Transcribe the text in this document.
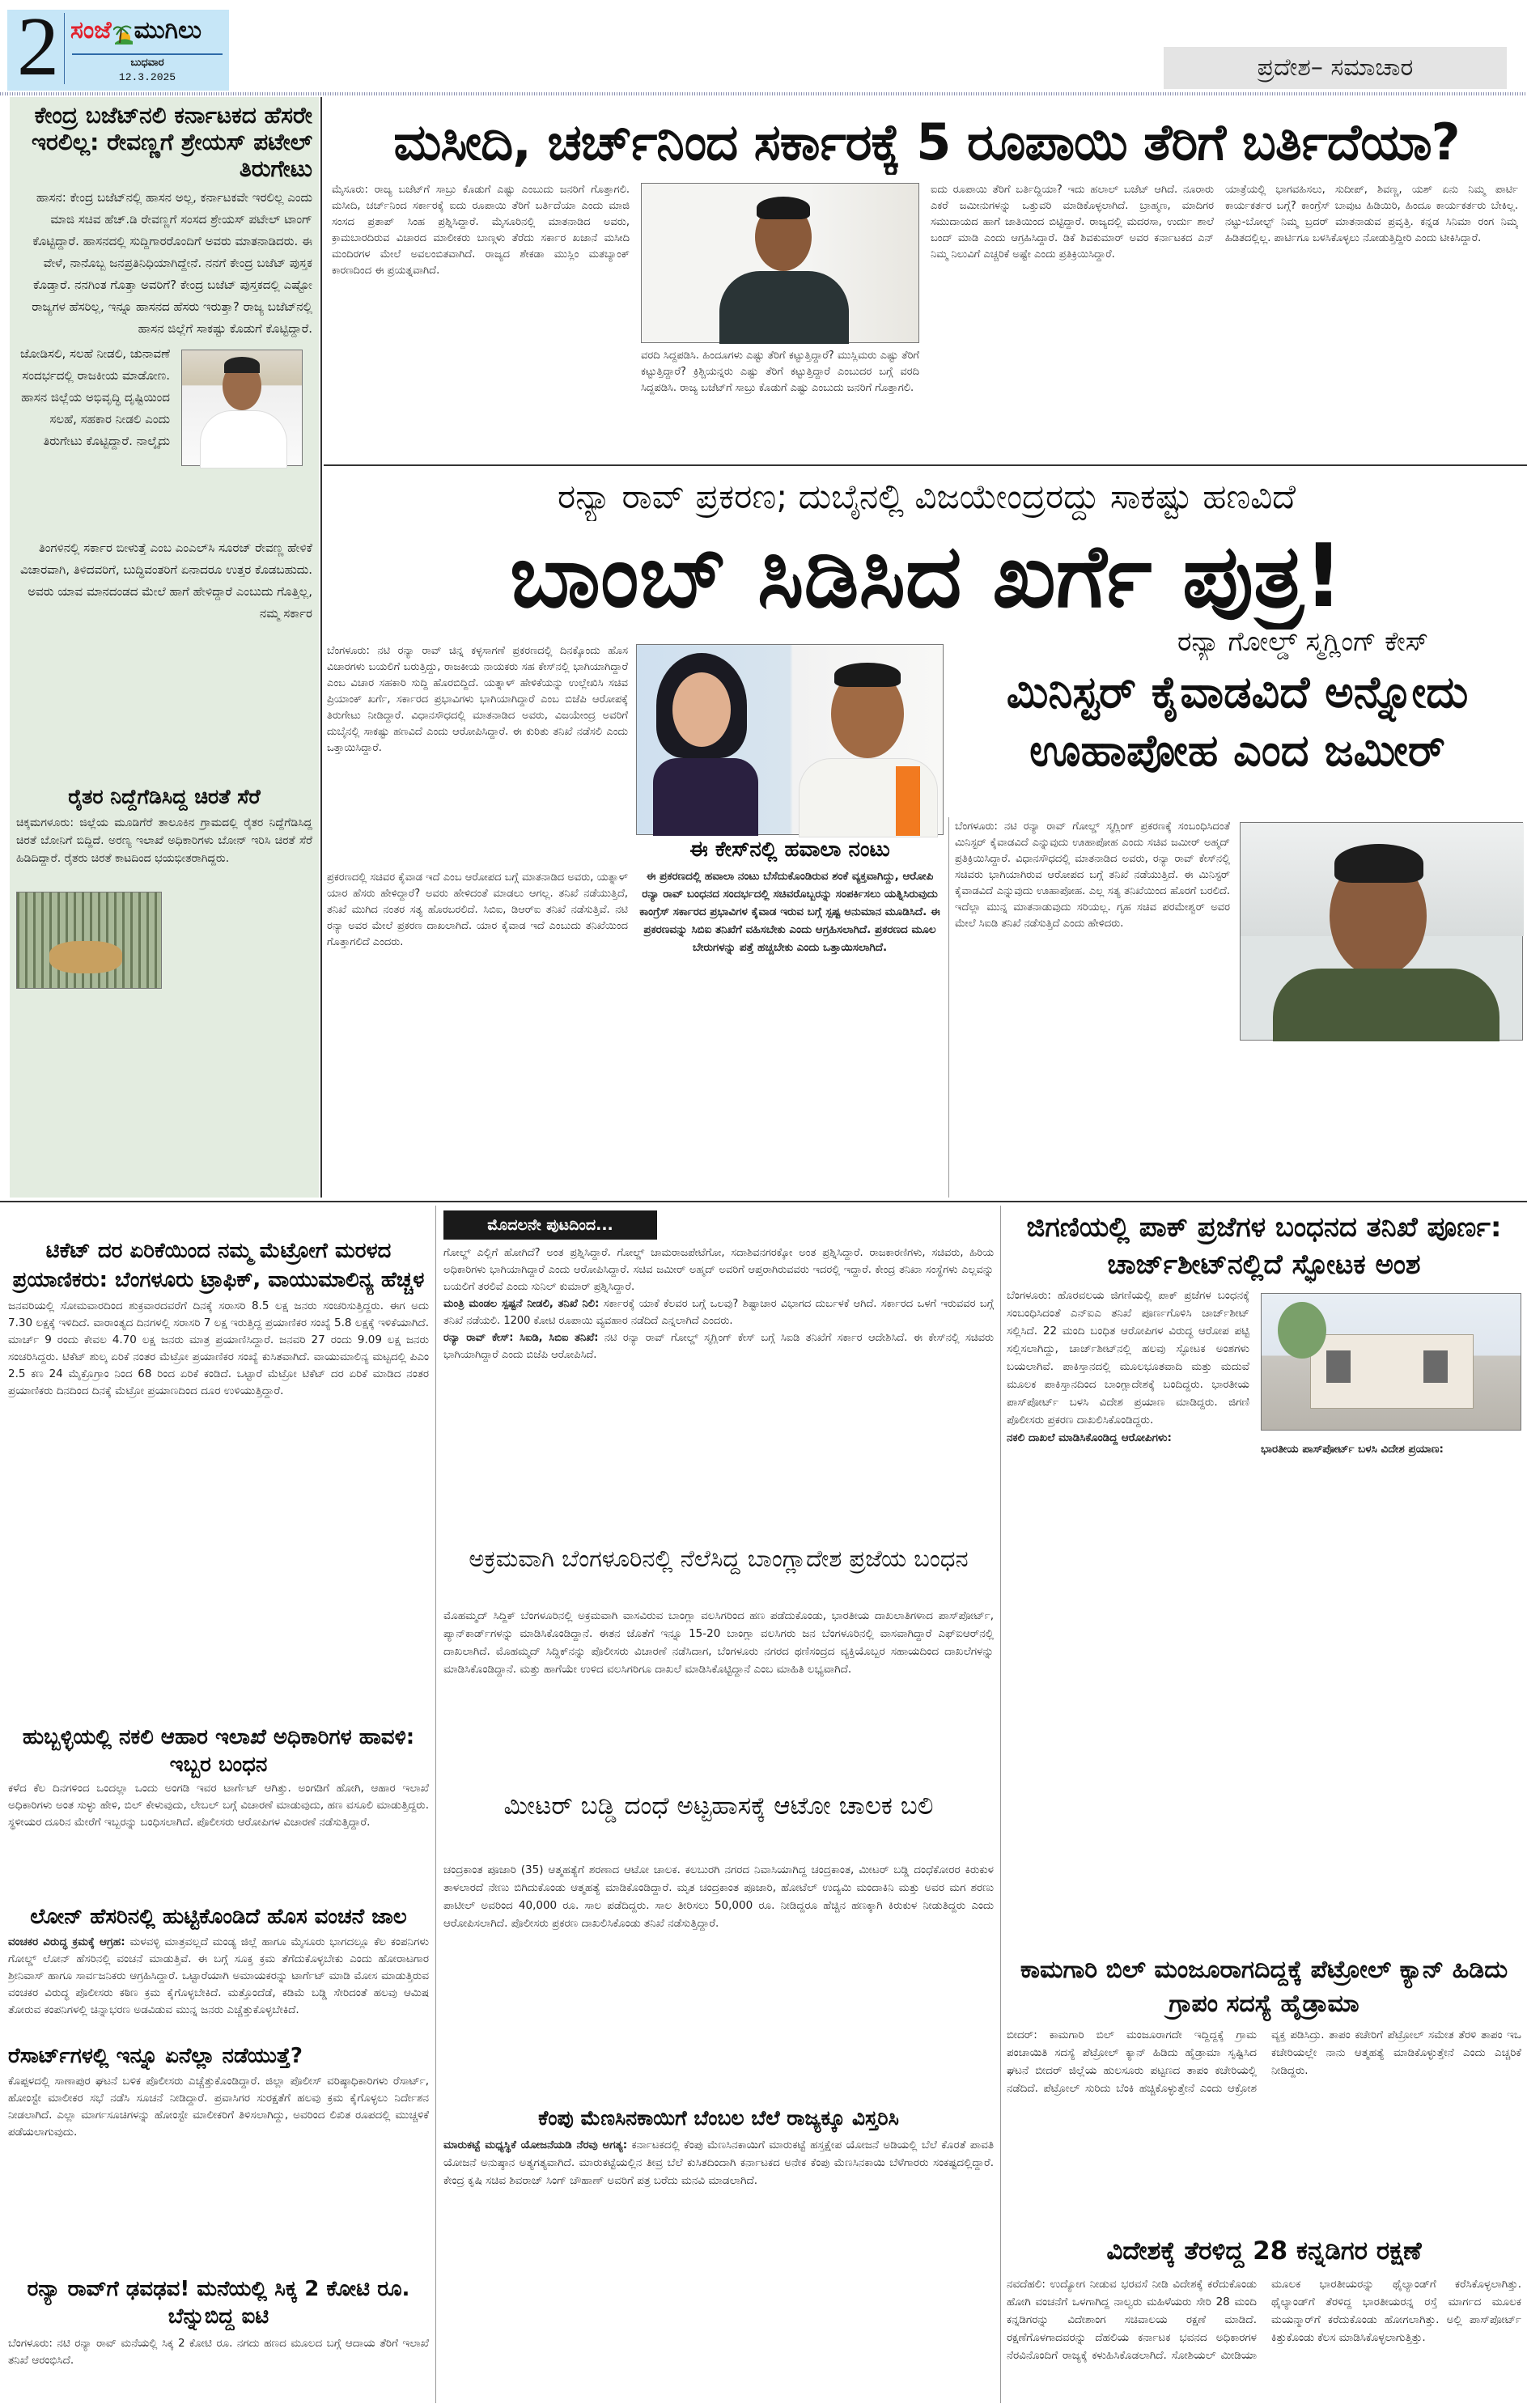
2 ಸಂಜೆ ಮುಗಿಲು
ಬುಧವಾರ
12.3.2025	ಪ್ರದೇಶ– ಸಮಾಚಾರ
ಕೇಂದ್ರ ಬಜೆಟ್‌ನಲಿ ಕರ್ನಾಟಕದ ಹೆಸರೇ ಇರಲಿಲ್ಲ: ರೇವಣ್ಣಗೆ ಶ್ರೇಯಸ್ ಪಟೇಲ್ ತಿರುಗೇಟು
ಹಾಸನ: ಕೇಂದ್ರ ಬಜೆಟ್‌ನಲ್ಲಿ ಹಾಸನ ಅಲ್ಲ, ಕರ್ನಾಟಕವೇ ಇರಲಿಲ್ಲ ಎಂದು ಮಾಜಿ ಸಚಿವ ಹೆಚ್.ಡಿ ರೇವಣ್ಣಗೆ ಸಂಸದ ಶ್ರೇಯಸ್ ಪಟೇಲ್ ಟಾಂಗ್ ಕೊಟ್ಟಿದ್ದಾರೆ. ಹಾಸನದಲ್ಲಿ ಸುದ್ದಿಗಾರರೊಂದಿಗೆ ಅವರು ಮಾತನಾಡಿದರು. ಈ ವೇಳೆ, ನಾನೊಬ್ಬ ಜನಪ್ರತಿನಿಧಿಯಾಗಿದ್ದೇನೆ. ನನಗೆ ಕೇಂದ್ರ ಬಜೆಟ್ ಪುಸ್ತಕ ಕೊಡ್ತಾರೆ. ನನಗಿಂತ ಗೊತ್ತಾ ಅವರಿಗೆ? ಕೇಂದ್ರ ಬಜೆಟ್ ಪುಸ್ತಕದಲ್ಲಿ ಎಷ್ಟೋ ರಾಜ್ಯಗಳ ಹೆಸರಿಲ್ಲ, ಇನ್ನೂ ಹಾಸನದ ಹೆಸರು ಇರುತ್ತಾ? ರಾಜ್ಯ ಬಜೆಟ್‌ನಲ್ಲಿ ಹಾಸನ ಜಿಲ್ಲೆಗೆ ಸಾಕಷ್ಟು ಕೊಡುಗೆ ಕೊಟ್ಟಿದ್ದಾರೆ.
ಜೋಡಿಸಲಿ, ಸಲಹೆ ನೀಡಲಿ, ಚುನಾವಣೆ ಸಂದರ್ಭದಲ್ಲಿ ರಾಜಕೀಯ ಮಾಡೋಣ. ಹಾಸನ ಜಿಲ್ಲೆಯ ಅಭಿವೃದ್ಧಿ ದೃಷ್ಟಿಯಿಂದ ಸಲಹೆ, ಸಹಕಾರ ನೀಡಲಿ ಎಂದು ತಿರುಗೇಟು ಕೊಟ್ಟಿದ್ದಾರೆ. ನಾಲ್ಕೈದು
ತಿಂಗಳಿನಲ್ಲಿ ಸರ್ಕಾರ ಬೀಳುತ್ತೆ ಎಂಬ ಎಂಎಲ್‌ಸಿ ಸೂರಜ್ ರೇವಣ್ಣ ಹೇಳಿಕೆ ವಿಚಾರವಾಗಿ, ತಿಳಿದವರಿಗೆ, ಬುದ್ಧಿವಂತರಿಗೆ ಏನಾದರೂ ಉತ್ತರ ಕೊಡಬಹುದು. ಅವರು ಯಾವ ಮಾನದಂಡದ ಮೇಲೆ ಹಾಗೆ ಹೇಳಿದ್ದಾರೆ ಎಂಬುದು ಗೊತ್ತಿಲ್ಲ, ನಮ್ಮ ಸರ್ಕಾರ
ರೈತರ ನಿದ್ದೆಗೆಡಿಸಿದ್ದ ಚಿರತೆ ಸೆರೆ
ಚಿಕ್ಕಮಗಳೂರು: ಜಿಲ್ಲೆಯ ಮೂಡಿಗೆರೆ ತಾಲೂಕಿನ ಗ್ರಾಮದಲ್ಲಿ ರೈತರ ನಿದ್ದೆಗೆಡಿಸಿದ್ದ ಚಿರತೆ ಬೋನಿಗೆ ಬಿದ್ದಿದೆ. ಅರಣ್ಯ ಇಲಾಖೆ ಅಧಿಕಾರಿಗಳು ಬೋನ್ ಇರಿಸಿ ಚಿರತೆ ಸೆರೆ ಹಿಡಿದಿದ್ದಾರೆ. ರೈತರು ಚಿರತೆ ಕಾಟದಿಂದ ಭಯಭೀತರಾಗಿದ್ದರು.
ಮಸೀದಿ, ಚರ್ಚ್‌ನಿಂದ ಸರ್ಕಾರಕ್ಕೆ 5 ರೂಪಾಯಿ ತೆರಿಗೆ ಬರ್ತಿದೆಯಾ?
ಮೈಸೂರು: ರಾಜ್ಯ ಬಜೆಟ್‌ಗೆ ಸಾಬ್ರು ಕೊಡುಗೆ ಎಷ್ಟು ಎಂಬುದು ಜನರಿಗೆ ಗೊತ್ತಾಗಲಿ. ಮಸೀದಿ, ಚರ್ಚ್‌ನಿಂದ ಸರ್ಕಾರಕ್ಕೆ ಐದು ರೂಪಾಯಿ ತೆರಿಗೆ ಬರ್ತಿದೆಯಾ ಎಂದು ಮಾಜಿ ಸಂಸದ ಪ್ರತಾಪ್ ಸಿಂಹ ಪ್ರಶ್ನಿಸಿದ್ದಾರೆ. ಮೈಸೂರಿನಲ್ಲಿ ಮಾತನಾಡಿದ ಅವರು, ಕ್ರಾಮಬಾರದಿರುವ ವಿಚಾರದ ಮಾಲೀಕರು ಬಾಣ್ಗಳು ತೆರೆದು ಸರ್ಕಾರ ಖಜಾನೆ ಮಸೀದಿ ಮಂದಿರಗಳ ಮೇಲೆ ಅವಲಂಬಿತವಾಗಿದೆ. ರಾಜ್ಯದ ಶೇಕಡಾ ಮುಸ್ಲಿಂ ಮತಬ್ಯಾಂಕ್ ಕಾರಣದಿಂದ ಈ ಪ್ರಯತ್ನವಾಗಿದೆ.
ವರದಿ ಸಿದ್ದಪಡಿಸಿ. ಹಿಂದೂಗಳು ಎಷ್ಟು ತೆರಿಗೆ ಕಟ್ಟುತ್ತಿದ್ದಾರೆ? ಮುಸ್ಲಿಮರು ಎಷ್ಟು ತೆರಿಗೆ ಕಟ್ಟುತ್ತಿದ್ದಾರೆ? ಕ್ರಿಶ್ಚಿಯನ್ನರು ಎಷ್ಟು ತೆರಿಗೆ ಕಟ್ಟುತ್ತಿದ್ದಾರೆ ಎಂಬುದರ ಬಗ್ಗೆ ವರದಿ ಸಿದ್ದಪಡಿಸಿ. ರಾಜ್ಯ ಬಜೆಟ್‌ಗೆ ಸಾಬ್ರು ಕೊಡುಗೆ ಎಷ್ಟು ಎಂಬುದು ಜನರಿಗೆ ಗೊತ್ತಾಗಲಿ.
ಐದು ರೂಪಾಯಿ ತೆರಿಗೆ ಬರ್ತಿದ್ದಿಯಾ? ಇದು ಹಲಾಲ್ ಬಜೆಟ್ ಆಗಿದೆ. ನೂರಾರು ಎಕರೆ ಜಮೀನುಗಳನ್ನು ಒತ್ತುವರಿ ಮಾಡಿಕೊಳ್ಳಲಾಗಿದೆ. ಬ್ರಾಹ್ಮಣ, ಮಾದಿಗರ ಸಮುದಾಯದ ಹಾಗೆ ಜಾತಿಯಿಂದ ಬಿಟ್ಟಿದ್ದಾರೆ. ರಾಜ್ಯದಲ್ಲಿ ಮದರಸಾ, ಉರ್ದು ಶಾಲೆ ಬಂದ್ ಮಾಡಿ ಎಂದು ಆಗ್ರಹಿಸಿದ್ದಾರೆ. ಡಿಕೆ ಶಿವಕುಮಾರ್ ಅವರ ಕರ್ನಾಟಕದ ಎನ್ ನಿಮ್ಮ ನಿಲುವಿಗೆ ಎಚ್ಚರಿಕೆ ಅಷ್ಟೇ ಎಂದು ಪ್ರತಿಕ್ರಿಯಿಸಿದ್ದಾರೆ.
ಯಾತ್ರೆಯಲ್ಲಿ ಭಾಗವಹಿಸಲು, ಸುದೀಪ್, ಶಿವಣ್ಣ, ಯಶ್ ಏನು ನಿಮ್ಮ ಪಾರ್ಟಿ ಕಾರ್ಯಕರ್ತರ ಬಗ್ಗೆ? ಕಾಂಗ್ರೆಸ್ ಬಾವುಟ ಹಿಡಿಯಿರಿ, ಹಿಂದೂ ಕಾರ್ಯಕರ್ತರು ಬೇಕಿಲ್ಲ. ನಟ್ಟು-ಬೋಲ್ಟ್ ನಿಮ್ಮ ಬ್ರದರ್ ಮಾತನಾಡುವ ಪ್ರವೃತ್ತಿ. ಕನ್ನಡ ಸಿನಿಮಾ ರಂಗ ನಿಮ್ಮ ಹಿಡಿತದಲ್ಲಿಲ್ಲ. ಪಾರ್ಟಿಗೂ ಬಳಸಿಕೊಳ್ಳಲು ನೋಡುತ್ತಿದ್ದೀರಿ ಎಂದು ಟೀಕಿಸಿದ್ದಾರೆ.
ರನ್ಯಾ ರಾವ್ ಪ್ರಕರಣ; ದುಬೈನಲ್ಲಿ ವಿಜಯೇಂದ್ರರದ್ದು ಸಾಕಷ್ಟು ಹಣವಿದೆ
ಬಾಂಬ್ ಸಿಡಿಸಿದ ಖರ್ಗೆ ಪುತ್ರ!
ರನ್ಯಾ ಗೋಲ್ಡ್ ಸ್ಮಗ್ಲಿಂಗ್ ಕೇಸ್
ಬೆಂಗಳೂರು: ನಟಿ ರನ್ಯಾ ರಾವ್ ಚಿನ್ನ ಕಳ್ಳಸಾಗಣೆ ಪ್ರಕರಣದಲ್ಲಿ ದಿನಕ್ಕೊಂದು ಹೊಸ ವಿಚಾರಗಳು ಬಯಲಿಗೆ ಬರುತ್ತಿದ್ದು, ರಾಜಕೀಯ ನಾಯಕರು ಸಹ ಕೇಸ್‌ನಲ್ಲಿ ಭಾಗಿಯಾಗಿದ್ದಾರೆ ಎಂಬ ವಿಚಾರ ಸಹಕಾರಿ ಸುದ್ದಿ ಹೊರಬಿದ್ದಿದೆ. ಯತ್ನಾಳ್ ಹೇಳಿಕೆಯನ್ನು ಉಲ್ಲೇಖಿಸಿ ಸಚಿವ ಪ್ರಿಯಾಂಕ್ ಖರ್ಗೆ, ಸರ್ಕಾರದ ಪ್ರಭಾವಿಗಳು ಭಾಗಿಯಾಗಿದ್ದಾರೆ ಎಂಬ ಬಿಜೆಪಿ ಆರೋಪಕ್ಕೆ ತಿರುಗೇಟು ನೀಡಿದ್ದಾರೆ. ವಿಧಾನಸೌಧದಲ್ಲಿ ಮಾತನಾಡಿದ ಅವರು, ವಿಜಯೇಂದ್ರ ಅವರಿಗೆ ದುಬೈನಲ್ಲಿ ಸಾಕಷ್ಟು ಹಣವಿದೆ ಎಂದು ಆರೋಪಿಸಿದ್ದಾರೆ. ಈ ಕುರಿತು ತನಿಖೆ ನಡೆಸಲಿ ಎಂದು ಒತ್ತಾಯಿಸಿದ್ದಾರೆ.
ಈ ಕೇಸ್‌ನಲ್ಲಿ ಹವಾಲಾ ನಂಟು
ಈ ಪ್ರಕರಣದಲ್ಲಿ ಹವಾಲಾ ನಂಟು ಬೆಸೆದುಕೊಂಡಿರುವ ಶಂಕೆ ವ್ಯಕ್ತವಾಗಿದ್ದು, ಆರೋಪಿ ರನ್ಯಾ ರಾವ್ ಬಂಧನದ ಸಂದರ್ಭದಲ್ಲಿ ಸಚಿವರೊಬ್ಬರನ್ನು ಸಂಪರ್ಕಿಸಲು ಯತ್ನಿಸಿರುವುದು ಕಾಂಗ್ರೆಸ್ ಸರ್ಕಾರದ ಪ್ರಭಾವಿಗಳ ಕೈವಾಡ ಇರುವ ಬಗ್ಗೆ ಸ್ಪಷ್ಟ ಅನುಮಾನ ಮೂಡಿಸಿದೆ. ಈ ಪ್ರಕರಣವನ್ನು ಸಿಬಿಐ ತನಿಖೆಗೆ ವಹಿಸಬೇಕು ಎಂದು ಆಗ್ರಹಿಸಲಾಗಿದೆ. ಪ್ರಕರಣದ ಮೂಲ ಬೇರುಗಳನ್ನು ಪತ್ತೆ ಹಚ್ಚಬೇಕು ಎಂದು ಒತ್ತಾಯಿಸಲಾಗಿದೆ.
ಪ್ರಕರಣದಲ್ಲಿ ಸಚಿವರ ಕೈವಾಡ ಇದೆ ಎಂಬ ಆರೋಪದ ಬಗ್ಗೆ ಮಾತನಾಡಿದ ಅವರು, ಯತ್ನಾಳ್ ಯಾರ ಹೆಸರು ಹೇಳಿದ್ದಾರೆ? ಅವರು ಹೇಳಿದಂತೆ ಮಾಡಲು ಆಗಲ್ಲ. ತನಿಖೆ ನಡೆಯುತ್ತಿದೆ, ತನಿಖೆ ಮುಗಿದ ನಂತರ ಸತ್ಯ ಹೊರಬರಲಿದೆ. ಸಿಬಿಐ, ಡಿಆರ್‌ಐ ತನಿಖೆ ನಡೆಸುತ್ತಿವೆ. ನಟಿ ರನ್ಯಾ ಅವರ ಮೇಲೆ ಪ್ರಕರಣ ದಾಖಲಾಗಿದೆ. ಯಾರ ಕೈವಾಡ ಇದೆ ಎಂಬುದು ತನಿಖೆಯಿಂದ ಗೊತ್ತಾಗಲಿದೆ ಎಂದರು.
ಮಿನಿಸ್ಟರ್ ಕೈವಾಡವಿದೆ ಅನ್ನೋದು ಊಹಾಪೋಹ ಎಂದ ಜಮೀರ್
ಬೆಂಗಳೂರು: ನಟಿ ರನ್ಯಾ ರಾವ್ ಗೋಲ್ಡ್ ಸ್ಮಗ್ಲಿಂಗ್ ಪ್ರಕರಣಕ್ಕೆ ಸಂಬಂಧಿಸಿದಂತೆ ಮಿನಿಸ್ಟರ್ ಕೈವಾಡವಿದೆ ಎನ್ನುವುದು ಊಹಾಪೋಹ ಎಂದು ಸಚಿವ ಜಮೀರ್ ಅಹ್ಮದ್ ಪ್ರತಿಕ್ರಿಯಿಸಿದ್ದಾರೆ. ವಿಧಾನಸೌಧದಲ್ಲಿ ಮಾತನಾಡಿದ ಅವರು, ರನ್ಯಾ ರಾವ್ ಕೇಸ್‌ನಲ್ಲಿ ಸಚಿವರು ಭಾಗಿಯಾಗಿರುವ ಆರೋಪದ ಬಗ್ಗೆ ತನಿಖೆ ನಡೆಯುತ್ತಿದೆ. ಈ ಮಿನಿಸ್ಟರ್ ಕೈವಾಡವಿದೆ ಎನ್ನುವುದು ಊಹಾಪೋಹ. ಎಲ್ಲ ಸತ್ಯ ತನಿಖೆಯಿಂದ ಹೊರಗೆ ಬರಲಿದೆ. ಇದೆಲ್ಲಾ ಮುನ್ನ ಮಾತನಾಡುವುದು ಸರಿಯಲ್ಲ. ಗೃಹ ಸಚಿವ ಪರಮೇಶ್ವರ್ ಅವರ ಮೇಲೆ ಸಿಐಡಿ ತನಿಖೆ ನಡೆಸುತ್ತಿದೆ ಎಂದು ಹೇಳಿದರು.
ಟಿಕೆಟ್ ದರ ಏರಿಕೆಯಿಂದ ನಮ್ಮ ಮೆಟ್ರೋಗೆ ಮರಳದ ಪ್ರಯಾಣಿಕರು: ಬೆಂಗಳೂರು ಟ್ರಾಫಿಕ್, ವಾಯುಮಾಲಿನ್ಯ ಹೆಚ್ಚಳ
ಜನವರಿಯಲ್ಲಿ ಸೋಮವಾರದಿಂದ ಶುಕ್ರವಾರದವರೆಗೆ ದಿನಕ್ಕೆ ಸರಾಸರಿ 8.5 ಲಕ್ಷ ಜನರು ಸಂಚರಿಸುತ್ತಿದ್ದರು. ಈಗ ಅದು 7.30 ಲಕ್ಷಕ್ಕೆ ಇಳಿದಿದೆ. ವಾರಾಂತ್ಯದ ದಿನಗಳಲ್ಲಿ ಸರಾಸರಿ 7 ಲಕ್ಷ ಇರುತ್ತಿದ್ದ ಪ್ರಯಾಣಿಕರ ಸಂಖ್ಯೆ 5.8 ಲಕ್ಷಕ್ಕೆ ಇಳಿಕೆಯಾಗಿದೆ. ಮಾರ್ಚ್ 9 ರಂದು ಕೇವಲ 4.70 ಲಕ್ಷ ಜನರು ಮಾತ್ರ ಪ್ರಯಾಣಿಸಿದ್ದಾರೆ. ಜನವರಿ 27 ರಂದು 9.09 ಲಕ್ಷ ಜನರು ಸಂಚರಿಸಿದ್ದರು. ಟಿಕೆಟ್ ಶುಲ್ಕ ಏರಿಕೆ ನಂತರ ಮೆಟ್ರೋ ಪ್ರಯಾಣಿಕರ ಸಂಖ್ಯೆ ಕುಸಿತವಾಗಿದೆ. ವಾಯುಮಾಲಿನ್ಯ ಮಟ್ಟದಲ್ಲಿ ಪಿಎಂ 2.5 ಕಣ 24 ಮೈಕ್ರೊಗ್ರಾಂ ನಿಂದ 68 ರಿಂದ ಏರಿಕೆ ಕಂಡಿದೆ. ಒಟ್ಟಾರೆ ಮೆಟ್ರೋ ಟಿಕೆಟ್ ದರ ಏರಿಕೆ ಮಾಡಿದ ನಂತರ ಪ್ರಯಾಣಿಕರು ದಿನದಿಂದ ದಿನಕ್ಕೆ ಮೆಟ್ರೋ ಪ್ರಯಾಣದಿಂದ ದೂರ ಉಳಿಯುತ್ತಿದ್ದಾರೆ.
ಹುಬ್ಬಳ್ಳಿಯಲ್ಲಿ ನಕಲಿ ಆಹಾರ ಇಲಾಖೆ ಅಧಿಕಾರಿಗಳ ಹಾವಳಿ: ಇಬ್ಬರ ಬಂಧನ
ಕಳೆದ ಕೆಲ ದಿನಗಳಿಂದ ಒಂದಲ್ಲಾ ಒಂದು ಅಂಗಡಿ ಇವರ ಟಾರ್ಗೆಟ್ ಆಗಿತ್ತು. ಅಂಗಡಿಗೆ ಹೋಗಿ, ಆಹಾರ ಇಲಾಖೆ ಅಧಿಕಾರಿಗಳು ಅಂತ ಸುಳ್ಳು ಹೇಳಿ, ಬಿಲ್ ಕೇಳುವುದು, ಲೇಬಲ್ ಬಗ್ಗೆ ವಿಚಾರಣೆ ಮಾಡುವುದು, ಹಣ ವಸೂಲಿ ಮಾಡುತ್ತಿದ್ದರು. ಸ್ಥಳೀಯರ ದೂರಿನ ಮೇರೆಗೆ ಇಬ್ಬರನ್ನು ಬಂಧಿಸಲಾಗಿದೆ. ಪೊಲೀಸರು ಆರೋಪಿಗಳ ವಿಚಾರಣೆ ನಡೆಸುತ್ತಿದ್ದಾರೆ.
ಲೋನ್ ಹೆಸರಿನಲ್ಲಿ ಹುಟ್ಟಿಕೊಂಡಿದೆ ಹೊಸ ವಂಚನೆ ಜಾಲ
ವಂಚಕರ ವಿರುದ್ಧ ಕ್ರಮಕ್ಕೆ ಆಗ್ರಹ: ಮಳವಳ್ಳಿ ಮಾತ್ರವಲ್ಲದೆ ಮಂಡ್ಯ ಜಿಲ್ಲೆ ಹಾಗೂ ಮೈಸೂರು ಭಾಗದಲ್ಲೂ ಕೆಲ ಕಂಪನಿಗಳು ಗೋಲ್ಡ್ ಲೋನ್ ಹೆಸರಿನಲ್ಲಿ ವಂಚನೆ ಮಾಡುತ್ತಿವೆ. ಈ ಬಗ್ಗೆ ಸೂಕ್ತ ಕ್ರಮ ತೆಗೆದುಕೊಳ್ಳಬೇಕು ಎಂದು ಹೋರಾಟಗಾರ ಶ್ರೀನಿವಾಸ್ ಹಾಗೂ ಸಾರ್ವಜನಿಕರು ಆಗ್ರಹಿಸಿದ್ದಾರೆ. ಒಟ್ಟಾರೆಯಾಗಿ ಅಮಾಯಕರನ್ನು ಟಾರ್ಗೆಟ್ ಮಾಡಿ ಮೋಸ ಮಾಡುತ್ತಿರುವ ವಂಚಕರ ವಿರುದ್ಧ ಪೊಲೀಸರು ಕಠಿಣ ಕ್ರಮ ಕೈಗೊಳ್ಳಬೇಕಿದೆ. ಮತ್ತೊಂದೆಡೆ, ಕಡಿಮೆ ಬಡ್ಡಿ ಸೇರಿದಂತೆ ಹಲವು ಆಮಿಷ ತೋರುವ ಕಂಪನಿಗಳಲ್ಲಿ ಚಿನ್ನಾಭರಣ ಅಡವಿಡುವ ಮುನ್ನ ಜನರು ಎಚ್ಚೆತ್ತುಕೊಳ್ಳಬೇಕಿದೆ.
ರೆಸಾರ್ಟ್‌ಗಳಲ್ಲಿ ಇನ್ನೂ ಏನೆಲ್ಲಾ ನಡೆಯುತ್ತೆ?
ಕೊಪ್ಪಳದಲ್ಲಿ ಸಾಣಾಪುರ ಘಟನೆ ಬಳಿಕ ಪೊಲೀಸರು ಎಚ್ಚೆತ್ತುಕೊಂಡಿದ್ದಾರೆ. ಜಿಲ್ಲಾ ಪೊಲೀಸ್ ವರಿಷ್ಠಾಧಿಕಾರಿಗಳು ರೆಸಾರ್ಟ್, ಹೋಂಸ್ಟೇ ಮಾಲೀಕರ ಸಭೆ ನಡೆಸಿ ಸೂಚನೆ ನೀಡಿದ್ದಾರೆ. ಪ್ರವಾಸಿಗರ ಸುರಕ್ಷತೆಗೆ ಹಲವು ಕ್ರಮ ಕೈಗೊಳ್ಳಲು ನಿರ್ದೇಶನ ನೀಡಲಾಗಿದೆ. ಎಲ್ಲಾ ಮಾರ್ಗಸೂಚಿಗಳನ್ನು ಹೋಂಸ್ಟೇ ಮಾಲೀಕರಿಗೆ ತಿಳಿಸಲಾಗಿದ್ದು, ಅವರಿಂದ ಲಿಖಿತ ರೂಪದಲ್ಲಿ ಮುಚ್ಚಳಿಕೆ ಪಡೆಯಲಾಗುವುದು.
ರನ್ಯಾ ರಾವ್‌ಗೆ ಢವಢವ! ಮನೆಯಲ್ಲಿ ಸಿಕ್ಕ 2 ಕೋಟಿ ರೂ. ಬೆನ್ನುಬಿದ್ದ ಐಟಿ
ಬೆಂಗಳೂರು: ನಟಿ ರನ್ಯಾ ರಾವ್ ಮನೆಯಲ್ಲಿ ಸಿಕ್ಕ 2 ಕೋಟಿ ರೂ. ನಗದು ಹಣದ ಮೂಲದ ಬಗ್ಗೆ ಆದಾಯ ತೆರಿಗೆ ಇಲಾಖೆ ತನಿಖೆ ಆರಂಭಿಸಿದೆ.
ಮೊದಲನೇ ಪುಟದಿಂದ...
ಗೋಲ್ಡ್ ಎಲ್ಲಿಗೆ ಹೋಗಿದೆ? ಅಂತ ಪ್ರಶ್ನಿಸಿದ್ದಾರೆ. ಗೋಲ್ಡ್ ಚಾಮರಾಜಪೇಟೆಗೋ, ಸದಾಶಿವನಗರಕ್ಕೋ ಅಂತ ಪ್ರಶ್ನಿಸಿದ್ದಾರೆ. ರಾಜಕಾರಣಿಗಳು, ಸಚಿವರು, ಹಿರಿಯ ಅಧಿಕಾರಿಗಳು ಭಾಗಿಯಾಗಿದ್ದಾರೆ ಎಂದು ಆರೋಪಿಸಿದ್ದಾರೆ. ಸಚಿವ ಜಮೀರ್ ಅಹ್ಮದ್ ಅವರಿಗೆ ಆಪ್ತರಾಗಿರುವವರು ಇದರಲ್ಲಿ ಇದ್ದಾರೆ. ಕೇಂದ್ರ ತನಿಖಾ ಸಂಸ್ಥೆಗಳು ಎಲ್ಲವನ್ನು ಬಯಲಿಗೆ ತರಲಿವೆ ಎಂದು ಸುನಿಲ್ ಕುಮಾರ್ ಪ್ರಶ್ನಿಸಿದ್ದಾರೆ.
ಮಂತ್ರಿ ಮಂಡಲ ಸ್ಪಷ್ಟನೆ ನೀಡಲಿ, ತನಿಖೆ ನಿಲಿ: ಸರ್ಕಾರಕ್ಕೆ ಯಾಕೆ ಕೆಲವರ ಬಗ್ಗೆ ಒಲವು? ಶಿಷ್ಟಾಚಾರ ವಿಭಾಗದ ದುರ್ಬಳಕೆ ಆಗಿದೆ. ಸರ್ಕಾರದ ಒಳಗೆ ಇರುವವರ ಬಗ್ಗೆ ತನಿಖೆ ನಡೆಯಲಿ. 1200 ಕೋಟಿ ರೂಪಾಯಿ ವ್ಯವಹಾರ ನಡೆದಿದೆ ಎನ್ನಲಾಗಿದೆ ಎಂದರು.
ರನ್ಯಾ ರಾವ್ ಕೇಸ್: ಸಿಐಡಿ, ಸಿಬಿಐ ತನಿಖೆ: ನಟಿ ರನ್ಯಾ ರಾವ್ ಗೋಲ್ಡ್ ಸ್ಮಗ್ಲಿಂಗ್ ಕೇಸ್ ಬಗ್ಗೆ ಸಿಐಡಿ ತನಿಖೆಗೆ ಸರ್ಕಾರ ಆದೇಶಿಸಿದೆ. ಈ ಕೇಸ್‌ನಲ್ಲಿ ಸಚಿವರು ಭಾಗಿಯಾಗಿದ್ದಾರೆ ಎಂದು ಬಿಜೆಪಿ ಆರೋಪಿಸಿದೆ.
ಅಕ್ರಮವಾಗಿ ಬೆಂಗಳೂರಿನಲ್ಲಿ ನೆಲೆಸಿದ್ದ ಬಾಂಗ್ಲಾದೇಶ ಪ್ರಜೆಯ ಬಂಧನ
ಮೊಹಮ್ಮದ್ ಸಿದ್ದಿಕ್ ಬೆಂಗಳೂರಿನಲ್ಲಿ ಅಕ್ರಮವಾಗಿ ವಾಸವಿರುವ ಬಾಂಗ್ಲಾ ವಲಸಿಗರಿಂದ ಹಣ ಪಡೆದುಕೊಂಡು, ಭಾರತೀಯ ದಾಖಲಾತಿಗಳಾದ ಪಾಸ್‌ಪೋರ್ಟ್, ಪ್ಯಾನ್‌ಕಾರ್ಡ್‌ಗಳನ್ನು ಮಾಡಿಸಿಕೊಂಡಿದ್ದಾನೆ. ಈತನ ಜೊತೆಗೆ ಇನ್ನೂ 15-20 ಬಾಂಗ್ಲಾ ವಲಸಿಗರು ಜನ ಬೆಂಗಳೂರಿನಲ್ಲಿ ವಾಸವಾಗಿದ್ದಾರೆ ಎಫ್‌ಐಆರ್‌ನಲ್ಲಿ ದಾಖಲಾಗಿದೆ. ಮೊಹಮ್ಮದ್ ಸಿದ್ದಿಕ್‌ನನ್ನು ಪೊಲೀಸರು ವಿಚಾರಣೆ ನಡೆಸಿದಾಗ, ಬೆಂಗಳೂರು ನಗರದ ಥಣಿಸಂದ್ರದ ವ್ಯಕ್ತಿಯೊಬ್ಬರ ಸಹಾಯದಿಂದ ದಾಖಲೆಗಳನ್ನು ಮಾಡಿಸಿಕೊಂಡಿದ್ದಾನೆ. ಮತ್ತು ಹಾಗೆಯೇ ಉಳಿದ ವಲಸಿಗರಿಗೂ ದಾಖಲೆ ಮಾಡಿಸಿಕೊಟ್ಟಿದ್ದಾನೆ ಎಂಬ ಮಾಹಿತಿ ಲಭ್ಯವಾಗಿದೆ.
ಮೀಟರ್ ಬಡ್ಡಿ ದಂಧೆ ಅಟ್ಟಹಾಸಕ್ಕೆ ಆಟೋ ಚಾಲಕ ಬಲಿ
ಚಂದ್ರಕಾಂತ ಪೂಜಾರಿ (35) ಆತ್ಮಹತ್ಯೆಗೆ ಶರಣಾದ ಆಟೋ ಚಾಲಕ. ಕಲಬುರಗಿ ನಗರದ ನಿವಾಸಿಯಾಗಿದ್ದ ಚಂದ್ರಕಾಂತ, ಮೀಟರ್ ಬಡ್ಡಿ ದಂಧೆಕೋರರ ಕಿರುಕುಳ ತಾಳಲಾರದೆ ನೇಣು ಬಿಗಿದುಕೊಂಡು ಆತ್ಮಹತ್ಯೆ ಮಾಡಿಕೊಂಡಿದ್ದಾರೆ. ಮೃತ ಚಂದ್ರಕಾಂತ ಪೂಜಾರಿ, ಹೋಟೆಲ್ ಉದ್ಯಮಿ ಮಂದಾಕಿನಿ ಮತ್ತು ಅವರ ಮಗ ಶರಣು ಪಾಟೀಲ್ ಅವರಿಂದ 40,000 ರೂ. ಸಾಲ ಪಡೆದಿದ್ದರು. ಸಾಲ ತೀರಿಸಲು 50,000 ರೂ. ನೀಡಿದ್ದರೂ ಹೆಚ್ಚಿನ ಹಣಕ್ಕಾಗಿ ಕಿರುಕುಳ ನೀಡುತಿದ್ದರು ಎಂದು ಆರೋಪಿಸಲಾಗಿದೆ. ಪೊಲೀಸರು ಪ್ರಕರಣ ದಾಖಲಿಸಿಕೊಂಡು ತನಿಖೆ ನಡೆಸುತ್ತಿದ್ದಾರೆ.
ಕೆಂಪು ಮೆಣಸಿನಕಾಯಿಗೆ ಬೆಂಬಲ ಬೆಲೆ ರಾಜ್ಯಕ್ಕೂ ವಿಸ್ತರಿಸಿ
ಮಾರುಕಟ್ಟೆ ಮಧ್ಯಸ್ಥಿಕೆ ಯೋಜನೆಯಡಿ ನೆರವು ಅಗತ್ಯ: ಕರ್ನಾಟಕದಲ್ಲಿ ಕೆಂಪು ಮೆಣಸಿನಕಾಯಿಗೆ ಮಾರುಕಟ್ಟೆ ಹಸ್ತಕ್ಷೇಪ ಯೋಜನೆ ಅಡಿಯಲ್ಲಿ ಬೆಲೆ ಕೊರತೆ ಪಾವತಿ ಯೋಜನೆ ಅನುಷ್ಠಾನ ಅತ್ಯಗತ್ಯವಾಗಿದೆ. ಮಾರುಕಟ್ಟೆಯಲ್ಲಿನ ತೀವ್ರ ಬೆಲೆ ಕುಸಿತದಿಂದಾಗಿ ಕರ್ನಾಟಕದ ಅನೇಕ ಕೆಂಪು ಮೆಣಸಿನಕಾಯಿ ಬೆಳೆಗಾರರು ಸಂಕಷ್ಟದಲ್ಲಿದ್ದಾರೆ. ಕೇಂದ್ರ ಕೃಷಿ ಸಚಿವ ಶಿವರಾಜ್ ಸಿಂಗ್ ಚೌಹಾಣ್ ಅವರಿಗೆ ಪತ್ರ ಬರೆದು ಮನವಿ ಮಾಡಲಾಗಿದೆ.
ಜಿಗಣಿಯಲ್ಲಿ ಪಾಕ್ ಪ್ರಜೆಗಳ ಬಂಧನದ ತನಿಖೆ ಪೂರ್ಣ: ಚಾರ್ಜ್‌ಶೀಟ್‌ನಲ್ಲಿದೆ ಸ್ಫೋಟಕ ಅಂಶ
ಬೆಂಗಳೂರು: ಹೊರವಲಯ ಜಿಗಣಿಯಲ್ಲಿ ಪಾಕ್ ಪ್ರಜೆಗಳ ಬಂಧನಕ್ಕೆ ಸಂಬಂಧಿಸಿದಂತೆ ಎನ್‌ಐಎ ತನಿಖೆ ಪೂರ್ಣಗೊಳಿಸಿ ಚಾರ್ಜ್‌ಶೀಟ್ ಸಲ್ಲಿಸಿದೆ. 22 ಮಂದಿ ಬಂಧಿತ ಆರೋಪಿಗಳ ವಿರುದ್ಧ ಆರೋಪ ಪಟ್ಟಿ ಸಲ್ಲಿಸಲಾಗಿದ್ದು, ಚಾರ್ಜ್‌ಶೀಟ್‌ನಲ್ಲಿ ಹಲವು ಸ್ಫೋಟಕ ಅಂಶಗಳು ಬಯಲಾಗಿವೆ. ಪಾಕಿಸ್ತಾನದಲ್ಲಿ ಮೂಲಭೂತವಾದಿ ಮತ್ತು ಮದುವೆ ಮೂಲಕ ಪಾಕಿಸ್ತಾನದಿಂದ ಬಾಂಗ್ಲಾದೇಶಕ್ಕೆ ಬಂದಿದ್ದರು. ಭಾರತೀಯ ಪಾಸ್‌ಪೋರ್ಟ್ ಬಳಸಿ ವಿದೇಶ ಪ್ರಯಾಣ ಮಾಡಿದ್ದರು. ಜಿಗಣಿ ಪೊಲೀಸರು ಪ್ರಕರಣ ದಾಖಲಿಸಿಕೊಂಡಿದ್ದರು.
ನಕಲಿ ದಾಖಲೆ ಮಾಡಿಸಿಕೊಂಡಿದ್ದ ಆರೋಪಿಗಳು:
ಭಾರತೀಯ ಪಾಸ್‌ಪೋರ್ಟ್ ಬಳಸಿ ವಿದೇಶ ಪ್ರಯಾಣ:
ಕಾಮಗಾರಿ ಬಿಲ್ ಮಂಜೂರಾಗದಿದ್ದಕ್ಕೆ ಪೆಟ್ರೋಲ್ ಕ್ಯಾನ್ ಹಿಡಿದು ಗ್ರಾಪಂ ಸದಸ್ಯೆ ಹೈಡ್ರಾಮಾ
ಬೀದರ್: ಕಾಮಗಾರಿ ಬಿಲ್ ಮಂಜೂರಾಗದೇ ಇದ್ದಿದ್ದಕ್ಕೆ ಗ್ರಾಮ ಪಂಚಾಯಿತಿ ಸದಸ್ಯೆ ಪೆಟ್ರೋಲ್ ಕ್ಯಾನ್ ಹಿಡಿದು ಹೈಡ್ರಾಮಾ ಸೃಷ್ಟಿಸಿದ ಘಟನೆ ಬೀದರ್ ಜಿಲ್ಲೆಯ ಹುಲಸೂರು ಪಟ್ಟಣದ ತಾಪಂ ಕಚೇರಿಯಲ್ಲಿ ನಡೆದಿದೆ. ಪೆಟ್ರೋಲ್ ಸುರಿದು ಬೆಂಕಿ ಹಚ್ಚಿಕೊಳ್ಳುತ್ತೇನೆ ಎಂದು ಆಕ್ರೋಶ ವ್ಯಕ್ತ ಪಡಿಸಿದ್ರು. ತಾಪಂ ಕಚೇರಿಗೆ ಪೆಟ್ರೋಲ್ ಸಮೇತ ತೆರಳಿ ತಾಪಂ ಇಒ ಕಚೇರಿಯಲ್ಲೇ ನಾನು ಆತ್ಮಹತ್ಯೆ ಮಾಡಿಕೊಳ್ಳುತ್ತೇನೆ ಎಂದು ಎಚ್ಚರಿಕೆ ನೀಡಿದ್ದರು.
ವಿದೇಶಕ್ಕೆ ತೆರಳಿದ್ದ 28 ಕನ್ನಡಿಗರ ರಕ್ಷಣೆ
ನವದೆಹಲಿ: ಉದ್ಯೋಗ ನೀಡುವ ಭರವಸೆ ನೀಡಿ ವಿದೇಶಕ್ಕೆ ಕರೆದುಕೊಂಡು ಹೋಗಿ ವಂಚನೆಗೆ ಒಳಗಾಗಿದ್ದ ನಾಲ್ವರು ಮಹಿಳೆಯರು ಸೇರಿ 28 ಮಂದಿ ಕನ್ನಡಿಗರನ್ನು ವಿದೇಶಾಂಗ ಸಚಿವಾಲಯ ರಕ್ಷಣೆ ಮಾಡಿದೆ. ರಕ್ಷಣೆಗೊಳಗಾದವರನ್ನು ದೆಹಲಿಯ ಕರ್ನಾಟಕ ಭವನದ ಅಧಿಕಾರಗಳ ನೆರವಿನೊಂದಿಗೆ ರಾಜ್ಯಕ್ಕೆ ಕಳುಹಿಸಿಕೊಡಲಾಗಿದೆ. ಸೋಶಿಯಲ್ ಮೀಡಿಯಾ ಮೂಲಕ ಭಾರತೀಯರನ್ನು ಥೈಲ್ಯಾಂಡ್‌ಗೆ ಕರೆಸಿಕೊಳ್ಳಲಾಗಿತ್ತು. ಥೈಲ್ಯಾಂಡ್‌ಗೆ ತೆರಳಿದ್ದ ಭಾರತೀಯರನ್ನ ರಸ್ತೆ ಮಾರ್ಗದ ಮೂಲಕ ಮಯನ್ಮಾರ್‌ಗೆ ಕರೆದುಕೊಂಡು ಹೋಗಲಾಗಿತ್ತು. ಅಲ್ಲಿ ಪಾಸ್‌ಪೋರ್ಟ್ ಕಿತ್ತುಕೊಂಡು ಕೆಲಸ ಮಾಡಿಸಿಕೊಳ್ಳಲಾಗುತ್ತಿತ್ತು.
